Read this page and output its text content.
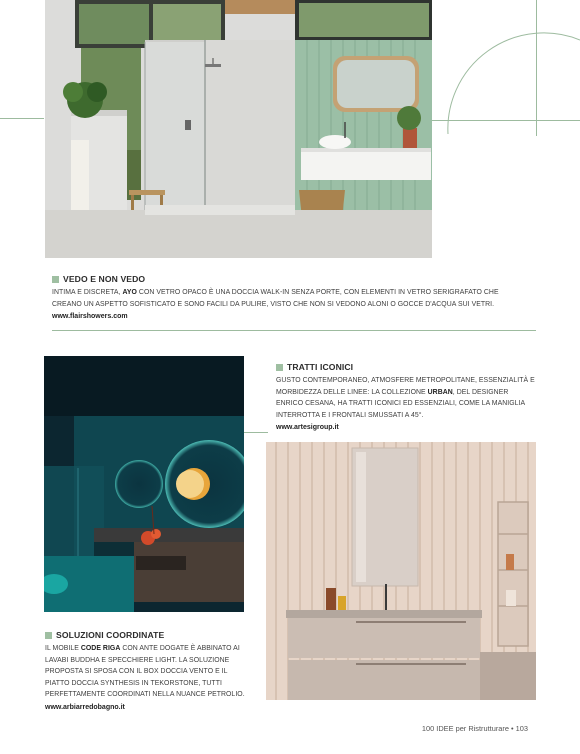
VEDO E NON VEDO
INTIMA E DISCRETA, AYO CON VETRO OPACO È UNA DOCCIA WALK-IN SENZA PORTE, CON ELEMENTI IN VETRO SERIGRAFATO CHE CREANO UN ASPETTO SOFISTICATO E SONO FACILI DA PULIRE, VISTO CHE NON SI VEDONO ALONI O GOCCE D'ACQUA SUI VETRI.
www.flairshowers.com
TRATTI ICONICI
GUSTO CONTEMPORANEO, ATMOSFERE METROPOLITANE, ESSENZIALITÀ E MORBIDEZZA DELLE LINEE: LA COLLEZIONE URBAN, DEL DESIGNER ENRICO CESANA, HA TRATTI ICONICI ED ESSENZIALI, COME LA MANIGLIA INTERROTTA E I FRONTALI SMUSSATI A 45°.
www.artesigroup.it
SOLUZIONI COORDINATE
IL MOBILE CODE RIGA CON ANTE DOGATE È ABBINATO AI LAVABI BUDDHA E SPECCHIERE LIGHT. LA SOLUZIONE PROPOSTA SI SPOSA CON IL BOX DOCCIA VENTO E IL PIATTO DOCCIA SYNTHESIS IN TEKORSTONE, TUTTI PERFETTAMENTE COORDINATI NELLA NUANCE PETROLIO.
www.arbiarredobagno.it
100 IDEE per Ristrutturare • 103
